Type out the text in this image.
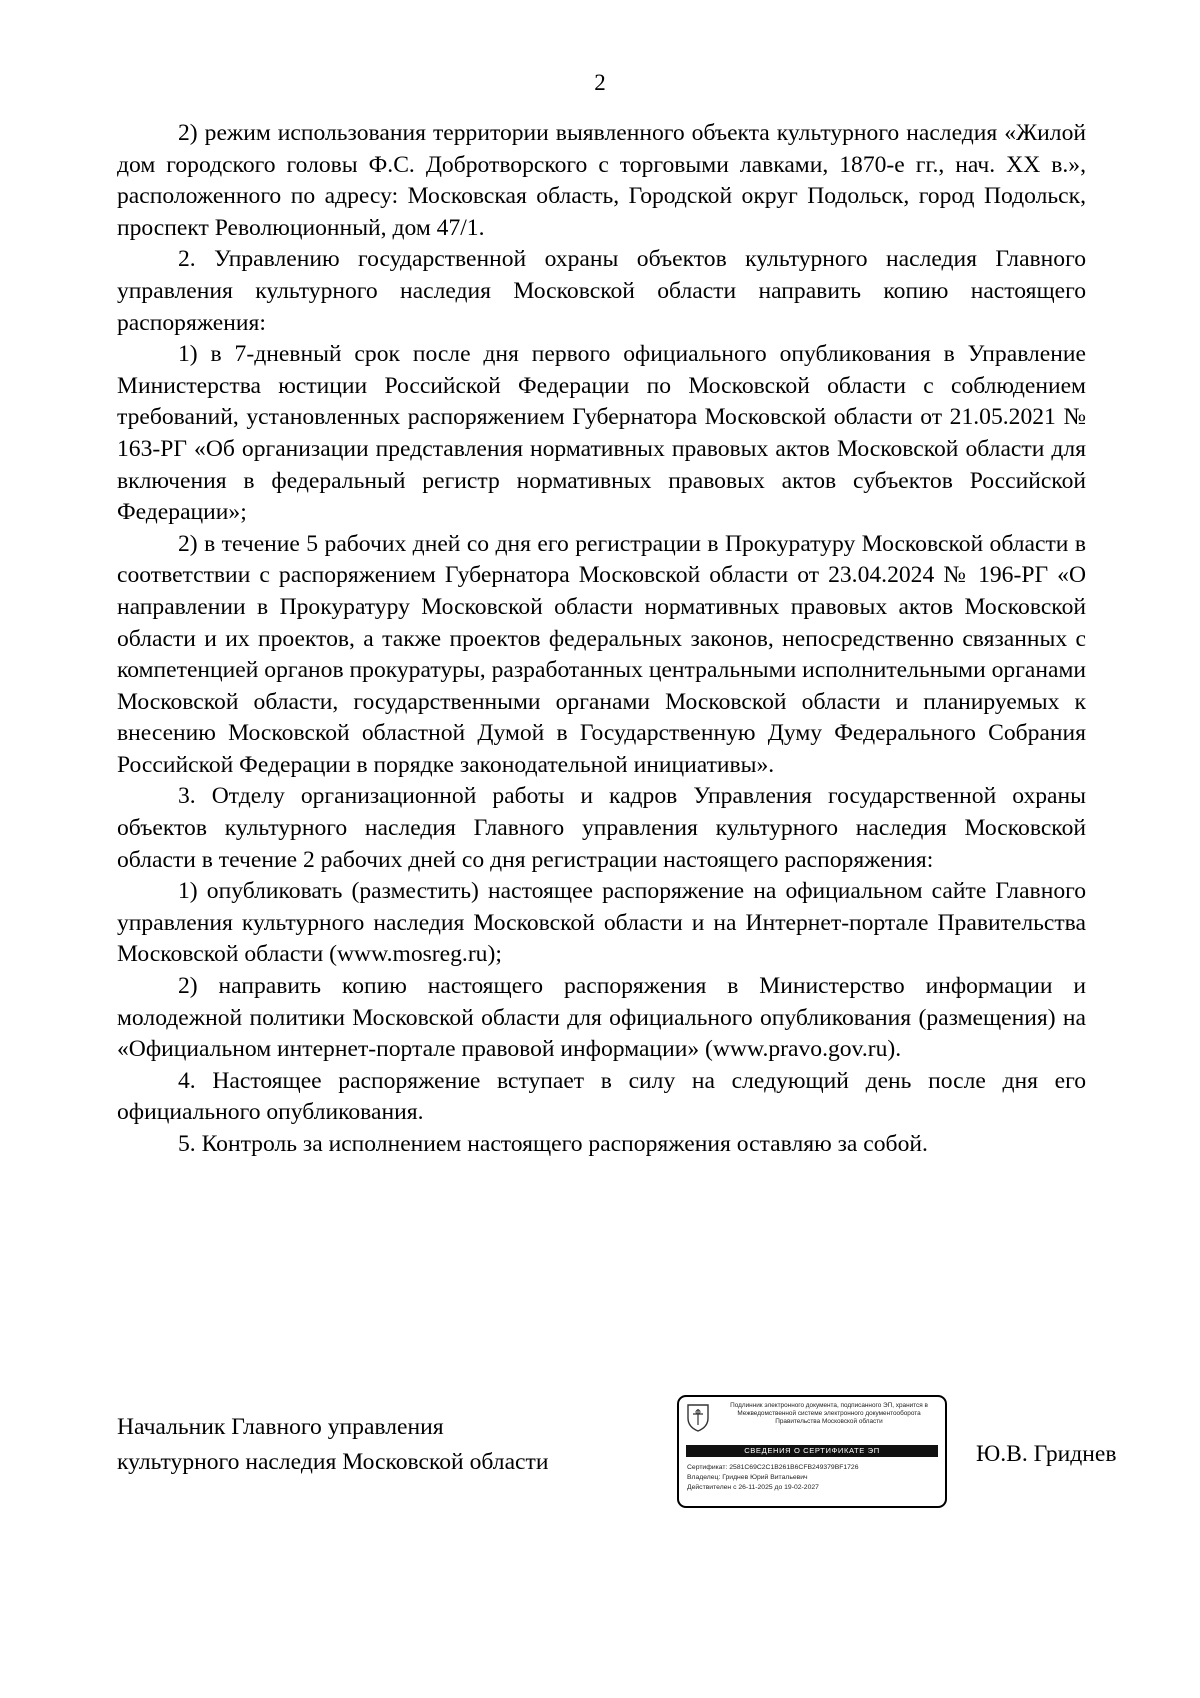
2

2) режим использования территории выявленного объекта культурного наследия «Жилой дом городского головы Ф.С. Добротворского с торговыми лавками, 1870-е гг., нач. XX в.», расположенного по адресу: Московская область, Городской округ Подольск, город Подольск, проспект Революционный, дом 47/1.

2. Управлению государственной охраны объектов культурного наследия Главного управления культурного наследия Московской области направить копию настоящего распоряжения:

1) в 7-дневный срок после дня первого официального опубликования в Управление Министерства юстиции Российской Федерации по Московской области с соблюдением требований, установленных распоряжением Губернатора Московской области от 21.05.2021 № 163-РГ «Об организации представления нормативных правовых актов Московской области для включения в федеральный регистр нормативных правовых актов субъектов Российской Федерации»;

2) в течение 5 рабочих дней со дня его регистрации в Прокуратуру Московской области в соответствии с распоряжением Губернатора Московской области от 23.04.2024 № 196-РГ «О направлении в Прокуратуру Московской области нормативных правовых актов Московской области и их проектов, а также проектов федеральных законов, непосредственно связанных с компетенцией органов прокуратуры, разработанных центральными исполнительными органами Московской области, государственными органами Московской области и планируемых к внесению Московской областной Думой в Государственную Думу Федерального Собрания Российской Федерации в порядке законодательной инициативы».

3. Отделу организационной работы и кадров Управления государственной охраны объектов культурного наследия Главного управления культурного наследия Московской области в течение 2 рабочих дней со дня регистрации настоящего распоряжения:

1) опубликовать (разместить) настоящее распоряжение на официальном сайте Главного управления культурного наследия Московской области и на Интернет-портале Правительства Московской области (www.mosreg.ru);

2) направить копию настоящего распоряжения в Министерство информации и молодежной политики Московской области для официального опубликования (размещения) на «Официальном интернет-портале правовой информации» (www.pravo.gov.ru).

4. Настоящее распоряжение вступает в силу на следующий день после дня его официального опубликования.

5. Контроль за исполнением настоящего распоряжения оставляю за собой.

Начальник Главного управления
культурного наследия Московской области
Подлинник электронного документа, подписанного ЭП, хранится в Межведомственной системе электронного документооборота Правительства Московской области
СВЕДЕНИЯ О СЕРТИФИКАТЕ ЭП
Сертификат: 2581C69C2C1B261B6CFB249379BF1726
Владелец: Гриднев Юрий Витальевич
Действителен с 26-11-2025 до 19-02-2027
Ю.В. Гриднев
